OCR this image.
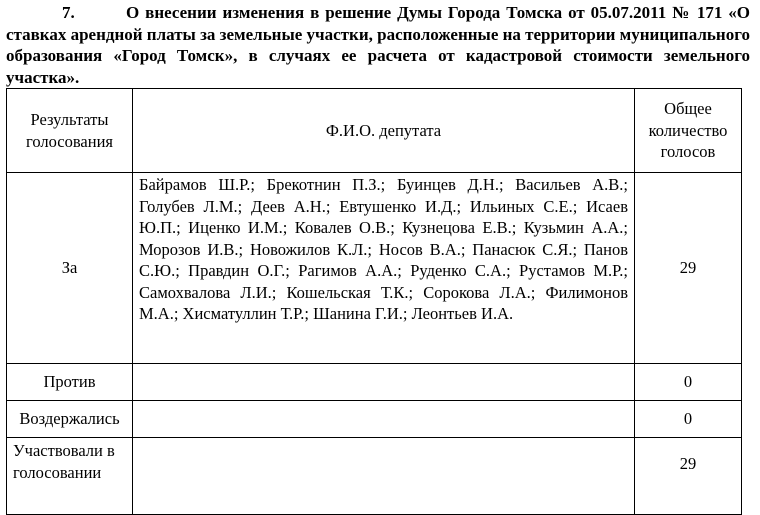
7.	О внесении изменения в решение Думы Города Томска от 05.07.2011 № 171 «О ставках арендной платы за земельные участки, расположенные на территории муниципального образования «Город Томск», в случаях ее расчета от кадастровой стоимости земельного участка».

Результаты голосования	Ф.И.О. депутата	Общее количество голосов
За	Байрамов Ш.Р.; Брекотнин П.З.; Буинцев Д.Н.; Васильев А.В.; Голубев Л.М.; Деев А.Н.; Евтушенко И.Д.; Ильиных С.Е.; Исаев Ю.П.; Иценко И.М.; Ковалев О.В.; Кузнецова Е.В.; Кузьмин А.А.; Морозов И.В.; Новожилов К.Л.; Носов В.А.; Панасюк С.Я.; Панов С.Ю.; Правдин О.Г.; Рагимов А.А.; Руденко С.А.; Рустамов М.Р.; Самохвалова Л.И.; Кошельская Т.К.; Сорокова Л.А.; Филимонов М.А.; Хисматуллин Т.Р.; Шанина Г.И.; Леонтьев И.А.	29
Против		0
Воздержались		0
Участвовали в голосовании		29
